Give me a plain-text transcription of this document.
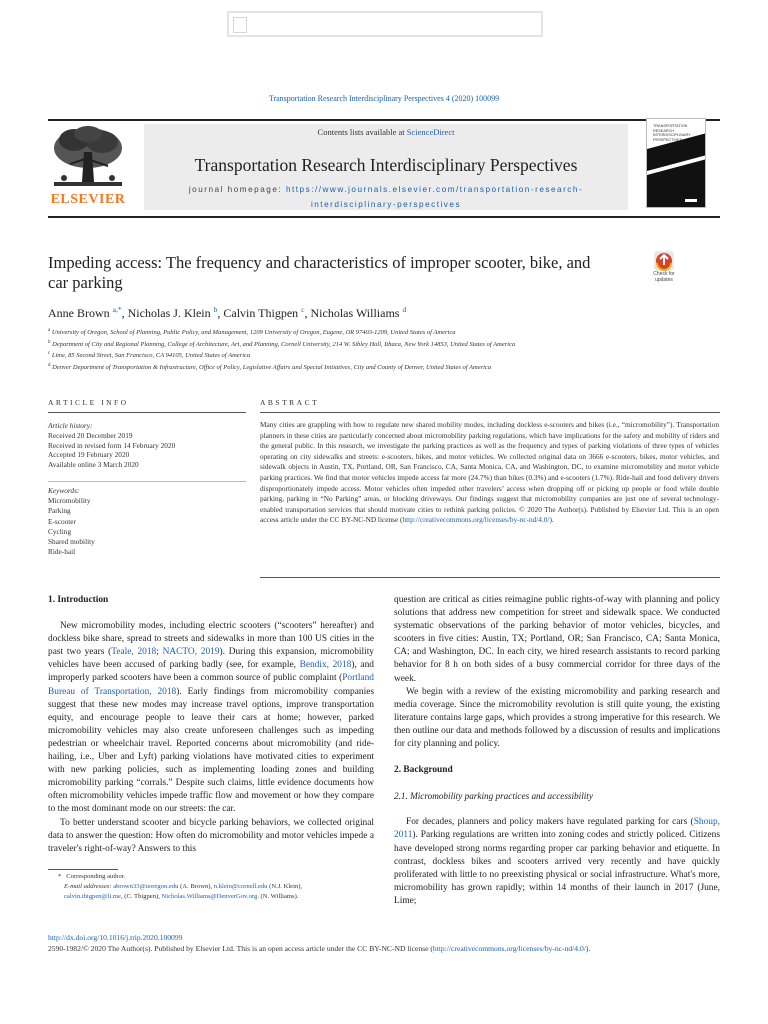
Transportation Research Interdisciplinary Perspectives 4 (2020) 100099
ELSEVIER
Contents lists available at ScienceDirect
Transportation Research Interdisciplinary Perspectives
journal homepage: https://www.journals.elsevier.com/transportation-research-
interdisciplinary-perspectives
TRANSPORTATION RESEARCH INTERDISCIPLINARY PERSPECTIVES
Impeding access: The frequency and characteristics of improper scooter, bike, and car parking	Check for
updates
Anne Brown $^{a,*}$, Nicholas J. Klein $^b$, Calvin Thigpen $^c$, Nicholas Williams $^d$
$^a$ University of Oregon, School of Planning, Public Policy, and Management, 1209 University of Oregon, Eugene, OR 97403-1209, United States of America
$^b$ Department of City and Regional Planning, College of Architecture, Art, and Planning, Cornell University, 214 W. Sibley Hall, Ithaca, New York 14853, United States of America
$^c$ Lime, 85 Second Street, San Francisco, CA 94105, United States of America
$^d$ Denver Department of Transportation & Infrastructure, Office of Policy, Legislative Affairs and Special Initiatives, City and County of Denver, United States of America
ARTICLE INFO
Article history:
Received 20 December 2019
Received in revised form 14 February 2020
Accepted 19 February 2020
Available online 3 March 2020
Keywords:
Micromobility
Parking
E-scooter
Cycling
Shared mobility
Ride-hail
ABSTRACT
Many cities are grappling with how to regulate new shared mobility modes, including dockless e-scooters and bikes (i.e., “micromobility”). Transportation planners in these cities are particularly concerned about micromobility parking regulations, which have implications for the safety and mobility of riders and the general public. In this research, we investigate the parking practices as well as the frequency and types of parking violations of three types of vehicles operating on city sidewalks and streets: e-scooters, bikes, and motor vehicles. We collected original data on 3666 e-scooters, bikes, motor vehicles, and sidewalk objects in Austin, TX, Portland, OR, San Francisco, CA, Santa Monica, CA, and Washington, DC, to examine micromobility and motor vehicle parking practices. We find that motor vehicles impede access far more (24.7%) than bikes (0.3%) and e-scooters (1.7%). Ride-hail and food delivery drivers disproportionately impede access. Motor vehicles often impeded other travelers’ access when dropping off or picking up people or food while double parking, parking in “No Parking” areas, or blocking driveways. Our findings suggest that micromobility companies are just one of several technology-enabled transportation services that should motivate cities to rethink parking policies. © 2020 The Author(s). Published by Elsevier Ltd. This is an open access article under the CC BY-NC-ND license (http://creativecommons.org/licenses/by-nc-nd/4.0/).
1. Introduction

New micromobility modes, including electric scooters (“scooters” hereafter) and dockless bike share, spread to streets and sidewalks in more than 100 US cities in the past two years (Teale, 2018; NACTO, 2019). During this expansion, micromobility vehicles have been accused of parking badly (see, for example, Bendix, 2018), and improperly parked scooters have been a common source of public complaint (Portland Bureau of Transportation, 2018). Early findings from micromobility companies suggest that these new modes may increase travel options, improve transportation equity, and encourage people to leave their cars at home; however, parked micromobility vehicles may also create unforeseen challenges such as impeding pedestrian or wheelchair travel. Reported concerns about micromobility (and ride-hailing, i.e., Uber and Lyft) parking violations have motivated cities to experiment with new parking policies, such as implementing loading zones and building micromobility parking “corrals.” Despite such claims, little evidence documents how often micromobility vehicles impede traffic flow and movement or how they compare to the most dominant mode on our streets: the car.

To better understand scooter and bicycle parking behaviors, we collected original data to answer the question: How often do micromobility and motor vehicles impede a traveler's right-of-way? Answers to this

* Corresponding author.
E-mail addresses: abrown33@uoregon.edu (A. Brown), n.klein@cornell.edu (N.J. Klein),
calvin.thigpen@li.me, (C. Thigpen), Nicholas.Williams@DenverGov.org. (N. Williams).

question are critical as cities reimagine public rights-of-way with planning and policy solutions that address new competition for street and sidewalk space. We conducted systematic observations of the parking behavior of motor vehicles, bicycles, and scooters in five cities: Austin, TX; Portland, OR; San Francisco, CA; Santa Monica, CA; and Washington, DC. In each city, we hired research assistants to record parking behavior for 8 h on both sides of a busy commercial corridor for three days of the week.

We begin with a review of the existing micromobility and parking research and media coverage. Since the micromobility revolution is still quite young, the existing literature contains large gaps, which provides a strong imperative for this research. We then outline our data and methods followed by a discussion of results and implications for city planning and policy.

2. Background
2.1. Micromobility parking practices and accessibility

For decades, planners and policy makers have regulated parking for cars (Shoup, 2011). Parking regulations are written into zoning codes and strictly policed. Citizens have developed strong norms regarding proper car parking behavior and etiquette. In contrast, dockless bikes and scooters arrived very recently and have quickly proliferated with little to no preexisting physical or social infrastructure. What's more, micromobility has grown rapidly; within 14 months of their launch in 2017 (June, Lime;

http://dx.doi.org/10.1016/j.trip.2020.100099
2590-1982/© 2020 The Author(s). Published by Elsevier Ltd. This is an open access article under the CC BY-NC-ND license (http://creativecommons.org/licenses/by-nc-nd/4.0/).
